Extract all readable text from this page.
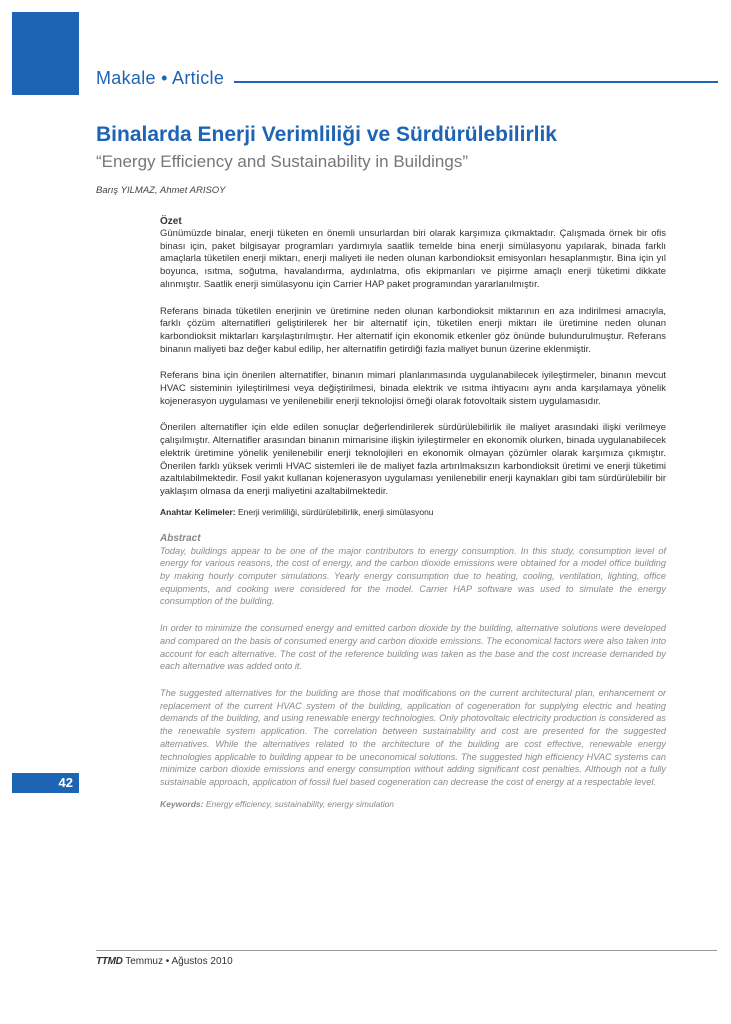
Makale • Article
Binalarda Enerji Verimliliği ve Sürdürülebilirlik
“Energy Efficiency and Sustainability in Buildings”
Barış YILMAZ, Ahmet ARISOY
Özet

Günümüzde binalar, enerji tüketen en önemli unsurlardan biri olarak karşımıza çıkmaktadır. Çalışmada örnek bir ofis binası için, paket bilgisayar programları yardımıyla saatlik temelde bina enerji simülasyonu yapılarak, binada farklı amaçlarla tüketilen enerji miktarı, enerji maliyeti ile neden olunan karbondioksit emisyonları hesaplanmıştır. Bina için yıl boyunca, ısıtma, soğutma, havalandırma, aydınlatma, ofis ekipmanları ve pişirme amaçlı enerji tüketimi dikkate alınmıştır. Saatlik enerji simülasyonu için Carrier HAP paket programından yararlanılmıştır.

Referans binada tüketilen enerjinin ve üretimine neden olunan karbondioksit miktarının en aza indirilmesi amacıyla, farklı çözüm alternatifleri geliştirilerek her bir alternatif için, tüketilen enerji miktarı ile üretimine neden olunan karbondioksit miktarları karşılaştırılmıştır. Her alternatif için ekonomik etkenler göz önünde bulundurulmuştur. Referans binanın maliyeti baz değer kabul edilip, her alternatifin getirdiği fazla maliyet bunun üzerine eklenmiştir.

Referans bina için önerilen alternatifler, binanın mimari planlanmasında uygulanabilecek iyileştirmeler, binanın mevcut HVAC sisteminin iyileştirilmesi veya değiştirilmesi, binada elektrik ve ısıtma ihtiyacını aynı anda karşılamaya yönelik kojenerasyon uygulaması ve yenilenebilir enerji teknolojisi örneği olarak fotovoltaik sistem uygulamasıdır.

Önerilen alternatifler için elde edilen sonuçlar değerlendirilerek sürdürülebilirlik ile maliyet arasındaki ilişki verilmeye çalışılmıştır. Alternatifler arasından binanın mimarisine ilişkin iyileştirmeler en ekonomik olurken, binada uygulanabilecek elektrik üretimine yönelik yenilenebilir enerji teknolojileri en ekonomik olmayan çözümler olarak karşımıza çıkmıştır. Önerilen farklı yüksek verimli HVAC sistemleri ile de maliyet fazla artırılmaksızın karbondioksit üretimi ve enerji tüketimi azaltılabilmektedir. Fosil yakıt kullanan kojenerasyon uygulaması yenilenebilir enerji kaynakları gibi tam sürdürülebilir bir yaklaşım olmasa da enerji maliyetini azaltabilmektedir.

Anahtar Kelimeler: Enerji verimliliği, sürdürülebilirlik, enerji simülasyonu

Abstract

Today, buildings appear to be one of the major contributors to energy consumption. In this study, consumption level of energy for various reasons, the cost of energy, and the carbon dioxide emissions were obtained for a model office building by making hourly computer simulations. Yearly energy consumption due to heating, cooling, ventilation, lighting, office equipments, and cooking were considered for the model. Carrier HAP software was used to simulate the energy consumption of the building.

In order to minimize the consumed energy and emitted carbon dioxide by the building, alternative solutions were developed and compared on the basis of consumed energy and carbon dioxide emissions. The economical factors were also taken into account for each alternative. The cost of the reference building was taken as the base and the cost increase demanded by each alternative was added onto it.

The suggested alternatives for the building are those that modifications on the current architectural plan, enhancement or replacement of the current HVAC system of the building, application of cogeneration for supplying electric and heating demands of the building, and using renewable energy technologies. Only photovoltaic electricity production is considered as the renewable system application. The correlation between sustainability and cost are presented for the suggested alternatives. While the alternatives related to the architecture of the building are cost effective, renewable energy technologies applicable to building appear to be uneconomical solutions. The suggested high efficiency HVAC systems can minimize carbon dioxide emissions and energy consumption without adding significant cost penalties. Although not a fully sustainable approach, application of fossil fuel based cogeneration can decrease the cost of energy at a respectable level.

Keywords: Energy efficiency, sustainability, energy simulation

42
TTMD Temmuz • Ağustos 2010
